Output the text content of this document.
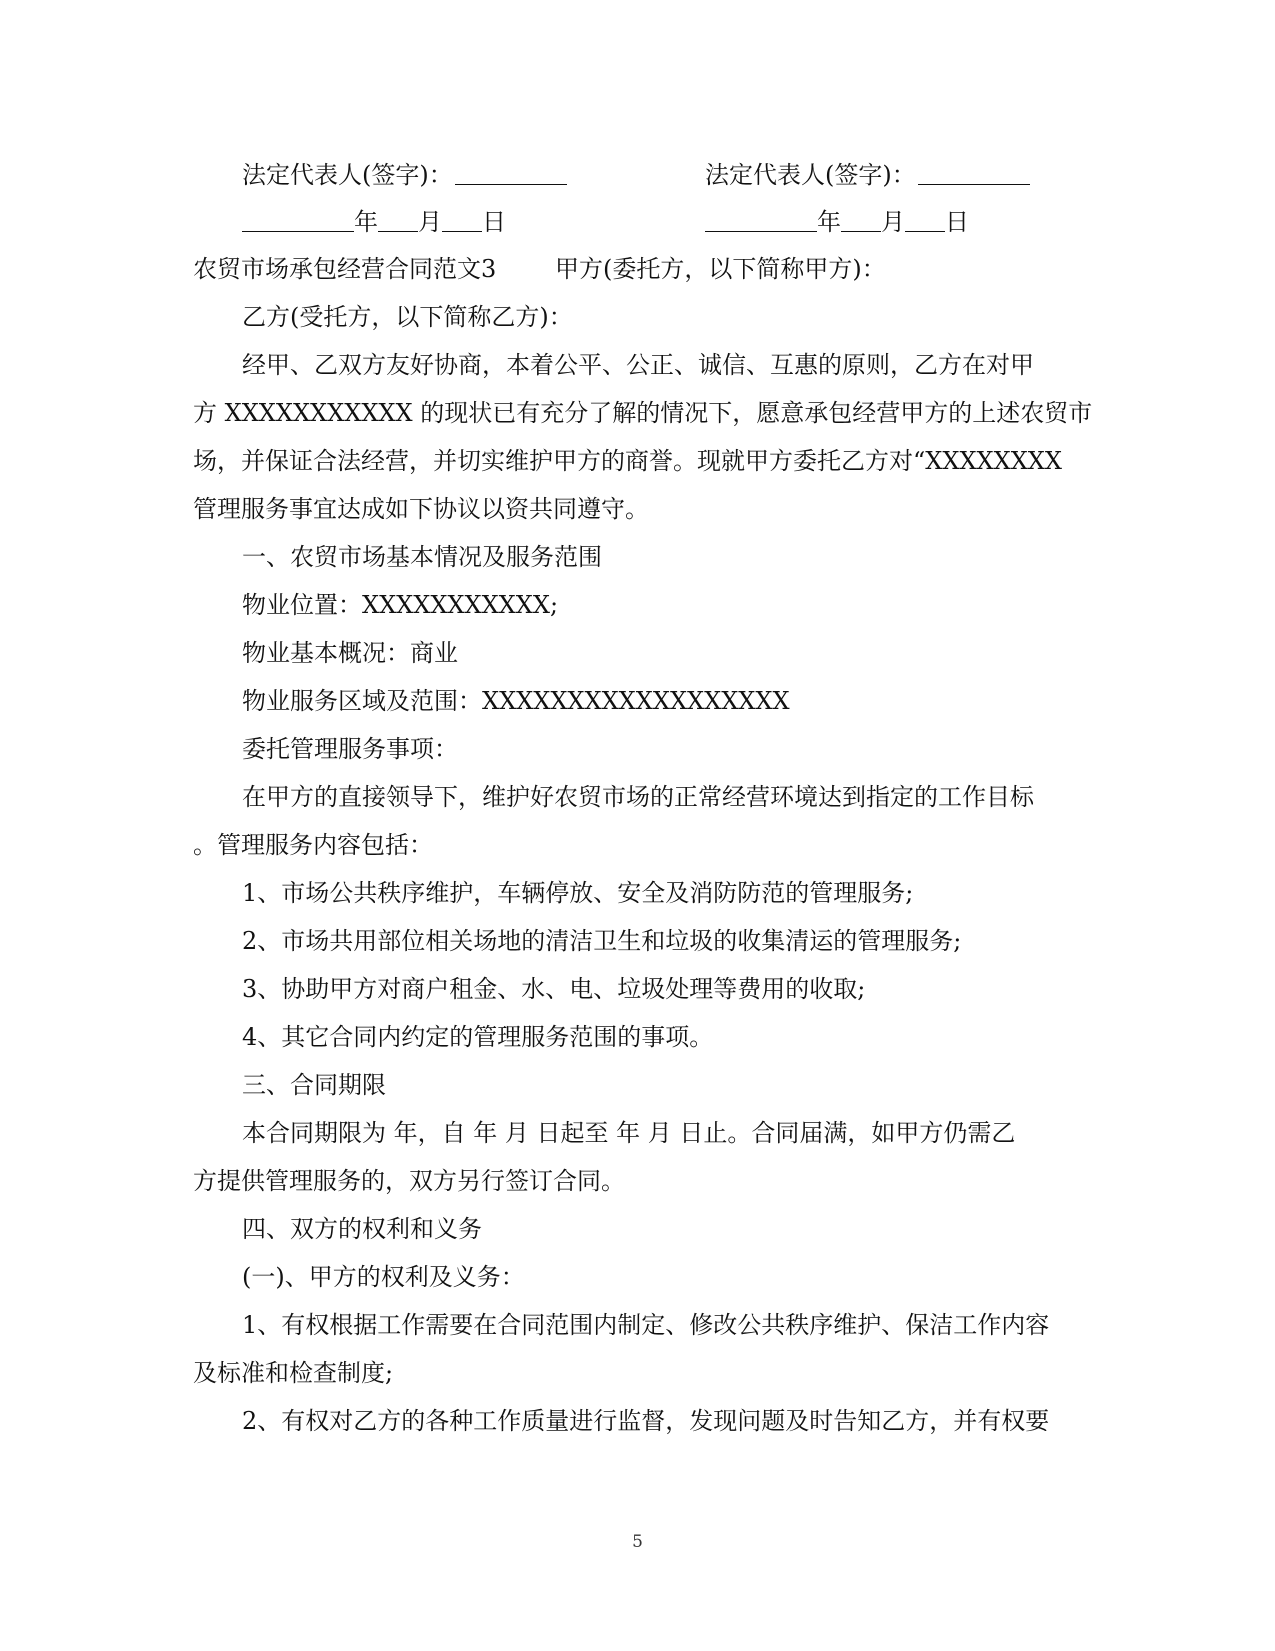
法定代表人(签字)：	法定代表人(签字)：
年 月 日	年 月 日
农贸市场承包经营合同范文3 甲方(委托方，以下简称甲方)：
乙方(受托方，以下简称乙方)：
经甲、乙双方友好协商，本着公平、公正、诚信、互惠的原则，乙方在对甲
方 XXXXXXXXXXX 的现状已有充分了解的情况下，愿意承包经营甲方的上述农贸市
场，并保证合法经营，并切实维护甲方的商誉。现就甲方委托乙方对“XXXXXXXX
管理服务事宜达成如下协议以资共同遵守。
一、农贸市场基本情况及服务范围
物业位置：XXXXXXXXXXX;
物业基本概况：商业
物业服务区域及范围：XXXXXXXXXXXXXXXXXX
委托管理服务事项：
在甲方的直接领导下，维护好农贸市场的正常经营环境达到指定的工作目标
。管理服务内容包括：
1、市场公共秩序维护，车辆停放、安全及消防防范的管理服务;
2、市场共用部位相关场地的清洁卫生和垃圾的收集清运的管理服务;
3、协助甲方对商户租金、水、电、垃圾处理等费用的收取;
4、其它合同内约定的管理服务范围的事项。
三、合同期限
本合同期限为 年，自 年 月 日起至 年 月 日止。合同届满，如甲方仍需乙
方提供管理服务的，双方另行签订合同。
四、双方的权利和义务
(一)、甲方的权利及义务：
1、有权根据工作需要在合同范围内制定、修改公共秩序维护、保洁工作内容
及标准和检查制度;
2、有权对乙方的各种工作质量进行监督，发现问题及时告知乙方，并有权要
5
